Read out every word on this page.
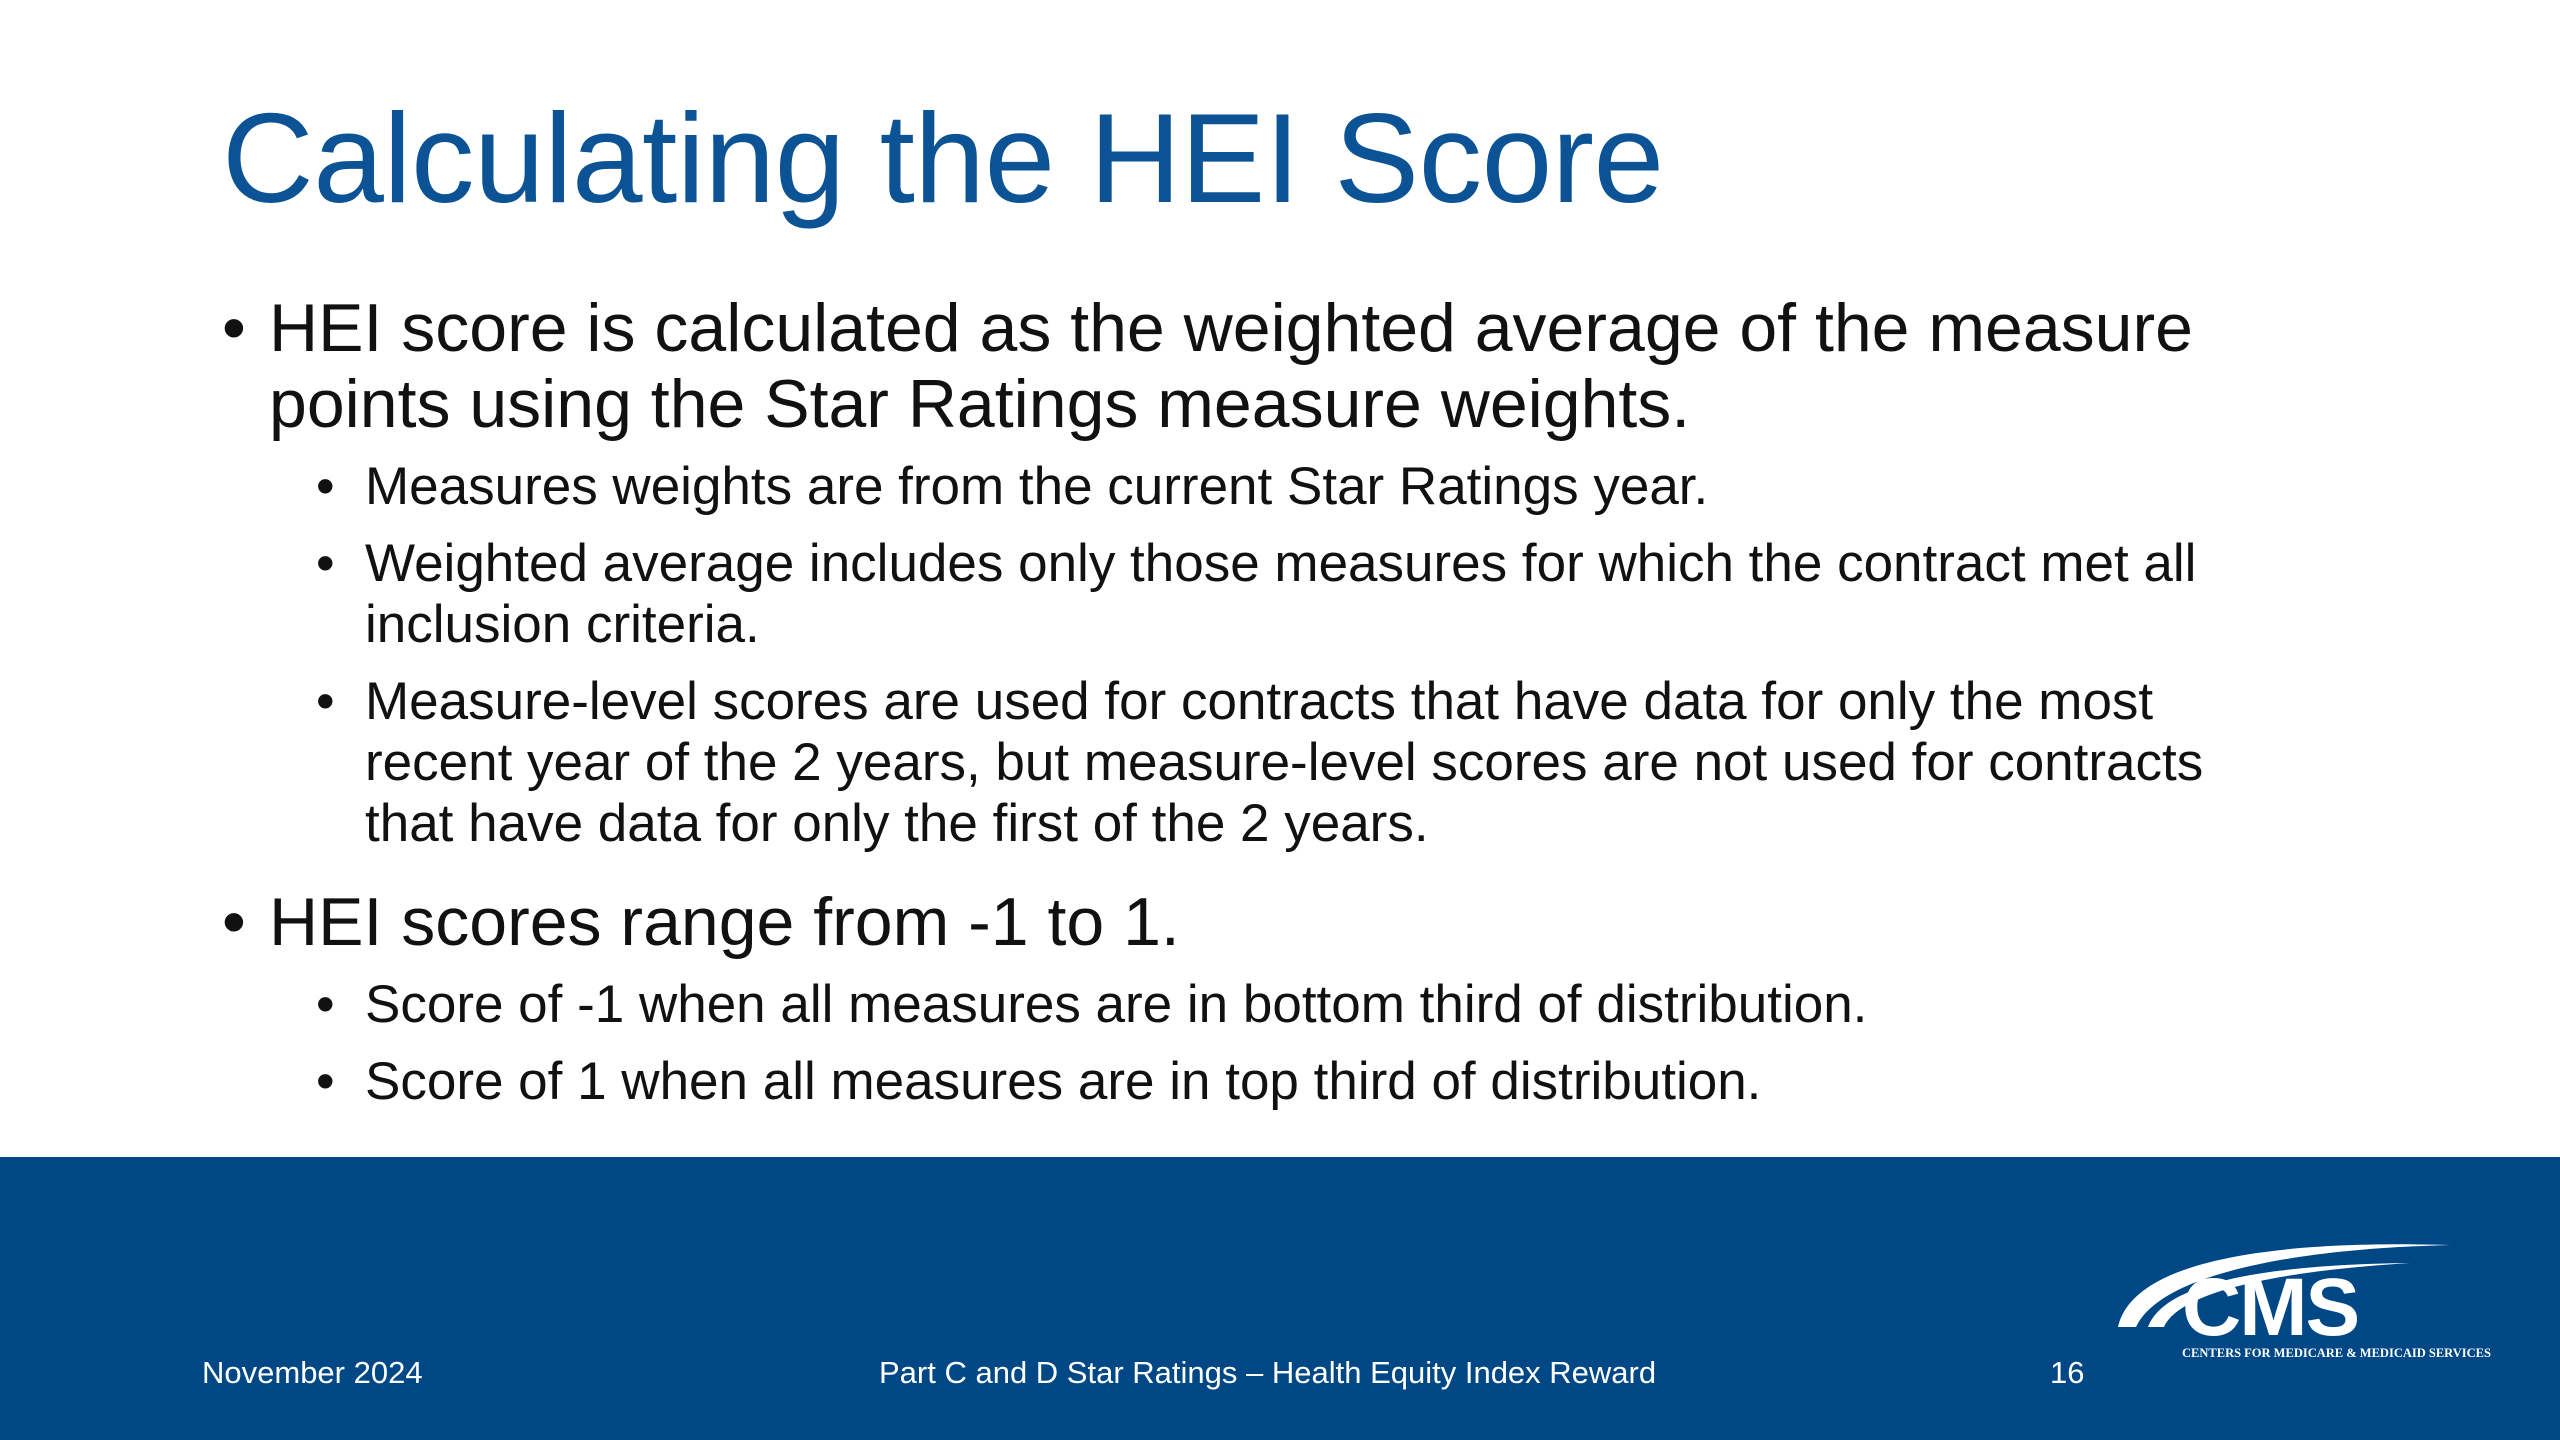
Calculating the HEI Score
• HEI score is calculated as the weighted average of the measure points using the Star Ratings measure weights.
• Measures weights are from the current Star Ratings year.
• Weighted average includes only those measures for which the contract met all inclusion criteria.
• Measure-level scores are used for contracts that have data for only the most recent year of the 2 years, but measure-level scores are not used for contracts that have data for only the first of the 2 years.
• HEI scores range from -1 to 1.
• Score of -1 when all measures are in bottom third of distribution.
• Score of 1 when all measures are in top third of distribution.
November 2024	Part C and D Star Ratings – Health Equity Index Reward	16
CMS
CENTERS FOR MEDICARE & MEDICAID SERVICES
